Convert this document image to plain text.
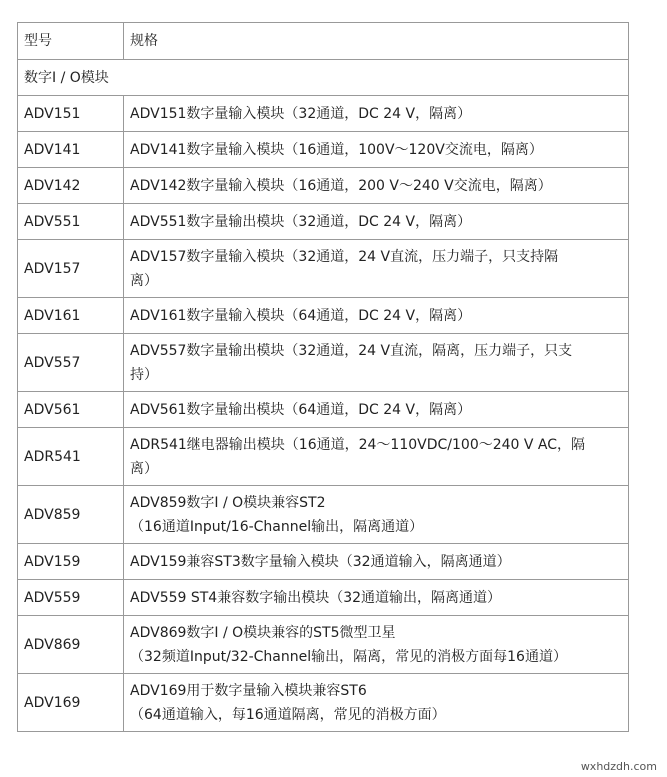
型号	规格
数字I / O模块	
ADV151	ADV151数字量输入模块（32通道，DC 24 V，隔离）

ADV141	ADV141数字量输入模块（16通道，100V～120V交流电，隔离）

ADV142	ADV142数字量输入模块（16通道，200 V～240 V交流电，隔离）

ADV551	ADV551数字量输出模块（32通道，DC 24 V，隔离）

ADV157	ADV157数字量输入模块（32通道，24 V直流，压力端子，只支持隔
离）

ADV161	ADV161数字量输入模块（64通道，DC 24 V，隔离）

ADV557	ADV557数字量输出模块（32通道，24 V直流，隔离，压力端子，只支
持）

ADV561	ADV561数字量输出模块（64通道，DC 24 V，隔离）

ADR541	ADR541继电器输出模块（16通道，24～110VDC/100～240 V AC，隔
离）

ADV859	ADV859数字I / O模块兼容ST2
（16通道Input/16-Channel输出，隔离通道）

ADV159	ADV159兼容ST3数字量输入模块（32通道输入，隔离通道）

ADV559	ADV559 ST4兼容数字输出模块（32通道输出，隔离通道）

ADV869	ADV869数字I / O模块兼容的ST5微型卫星
（32频道Input/32-Channel输出，隔离，常见的消极方面每16通道）

ADV169	ADV169用于数字量输入模块兼容ST6
（64通道输入，每16通道隔离，常见的消极方面）
wxhdzdh.com
